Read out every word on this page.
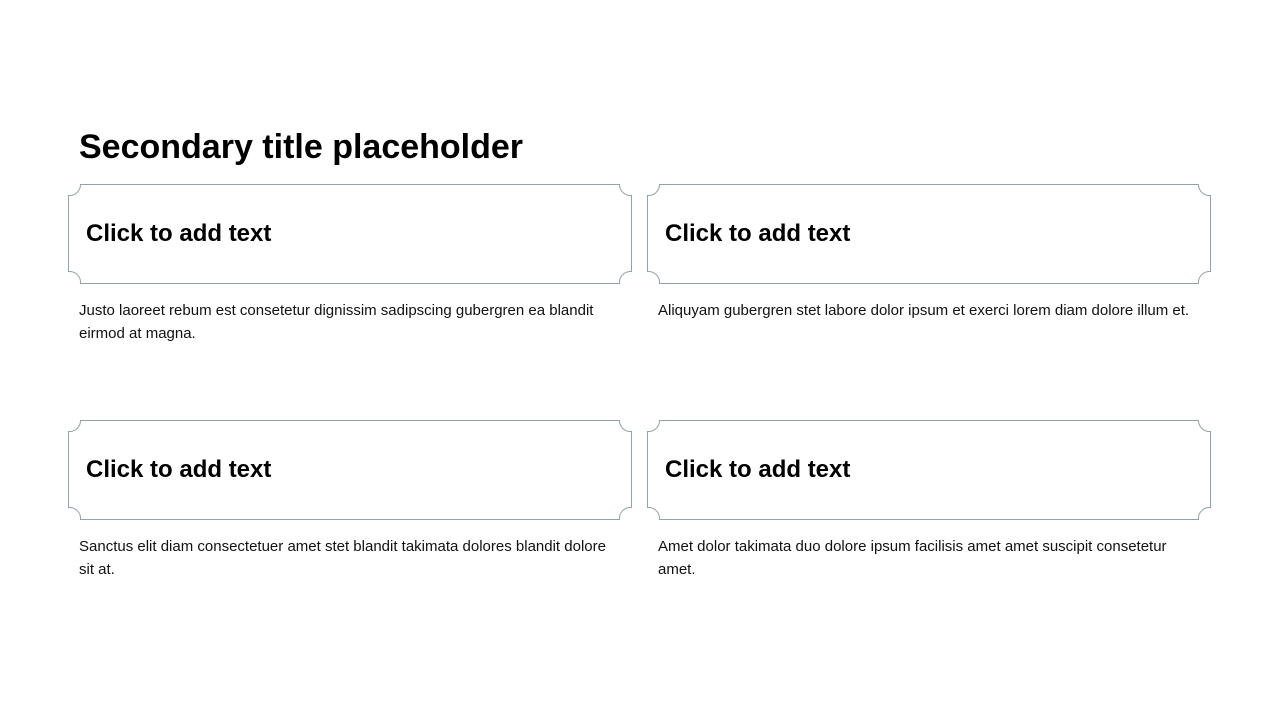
Secondary title placeholder
Click to add text
Justo laoreet rebum est consetetur dignissim sadipscing gubergren ea blandit eirmod at magna.
Click to add text
Aliquyam gubergren stet labore dolor ipsum et exerci lorem diam dolore illum et.
Click to add text
Sanctus elit diam consectetuer amet stet blandit takimata dolores blandit dolore sit at.
Click to add text
Amet dolor takimata duo dolore ipsum facilisis amet amet suscipit consetetur amet.
